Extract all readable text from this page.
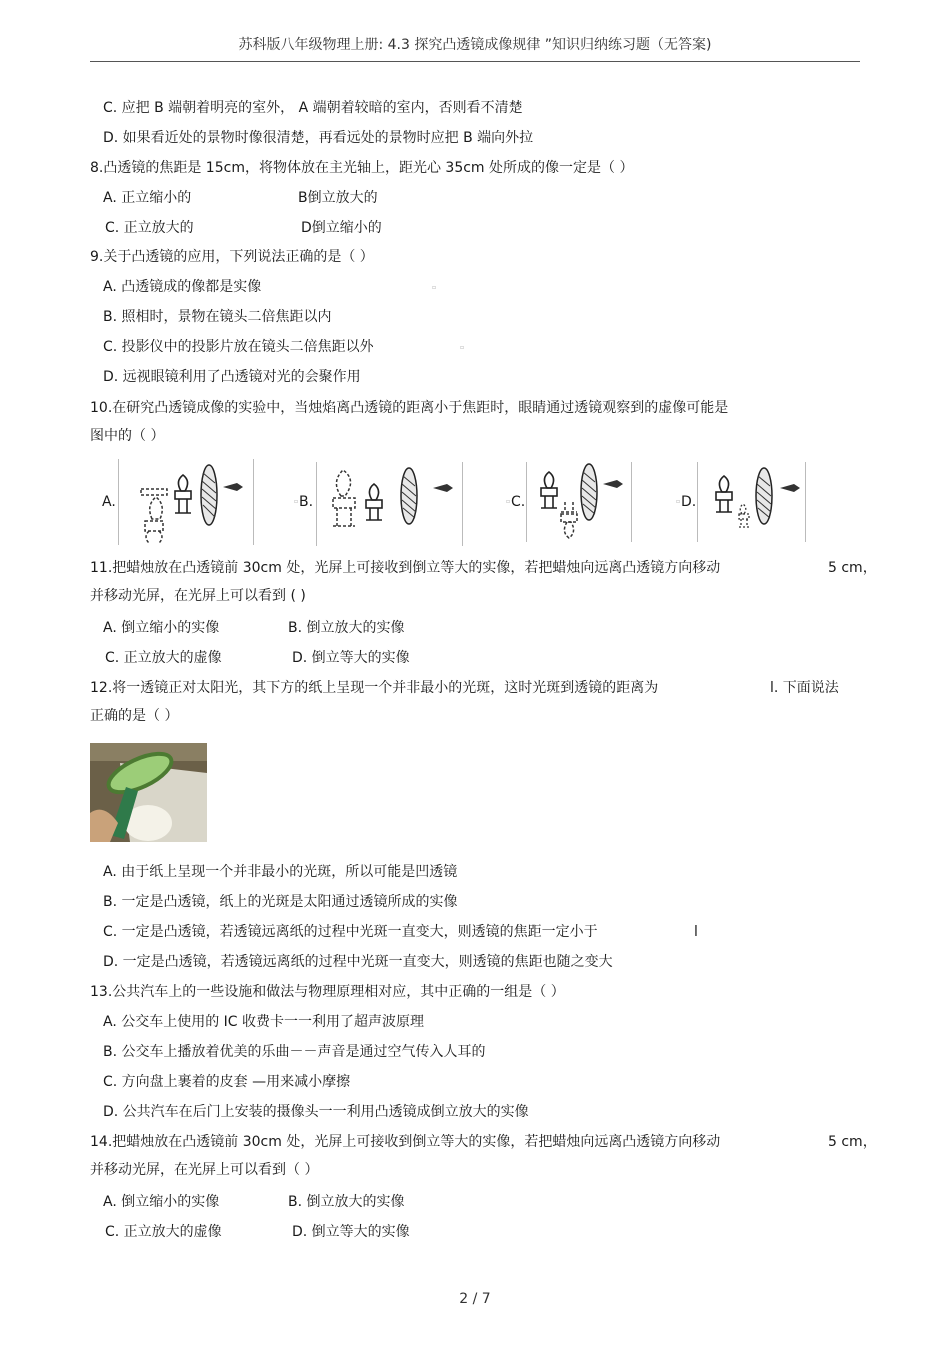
苏科版八年级物理上册: 4.3 探究凸透镜成像规律 ”知识归纳练习题（无答案)
C. 应把 B 端朝着明亮的室外， A 端朝着较暗的室内，否则看不清楚
D. 如果看近处的景物时像很清楚，再看远处的景物时应把 B 端向外拉
8.凸透镜的焦距是 15cm，将物体放在主光轴上，距光心 35cm 处所成的像一定是（ ）
A. 正立缩小的	B倒立放大的
C. 正立放大的	D倒立缩小的
9.关于凸透镜的应用，下列说法正确的是（ ）
A. 凸透镜成的像都是实像	▫
B. 照相时，景物在镜头二倍焦距以内
C. 投影仪中的投影片放在镜头二倍焦距以外	▫
D. 远视眼镜利用了凸透镜对光的会聚作用
10.在研究凸透镜成像的实验中，当烛焰离凸透镜的距离小于焦距时，眼睛通过透镜观察到的虚像可能是
图中的（ ）
A.	▫ B.	▫ C.	▫ D.
11.把蜡烛放在凸透镜前 30cm 处，光屏上可接收到倒立等大的实像，若把蜡烛向远离凸透镜方向移动	5 cm，
并移动光屏，在光屏上可以看到 ( )
A. 倒立缩小的实像	B. 倒立放大的实像
C. 正立放大的虚像	D. 倒立等大的实像
12.将一透镜正对太阳光，其下方的纸上呈现一个并非最小的光斑，这时光斑到透镜的距离为	l. 下面说法
正确的是（ ）
A. 由于纸上呈现一个并非最小的光斑，所以可能是凹透镜
B. 一定是凸透镜，纸上的光斑是太阳通过透镜所成的实像
C. 一定是凸透镜，若透镜远离纸的过程中光斑一直变大，则透镜的焦距一定小于	l
D. 一定是凸透镜，若透镜远离纸的过程中光斑一直变大，则透镜的焦距也随之变大
13.公共汽车上的一些设施和做法与物理原理相对应，其中正确的一组是（ ）
A. 公交车上使用的 IC 收费卡一一利用了超声波原理
B. 公交车上播放着优美的乐曲－－声音是通过空气传入人耳的
C. 方向盘上裹着的皮套 —用来减小摩擦
D. 公共汽车在后门上安装的摄像头一一利用凸透镜成倒立放大的实像
14.把蜡烛放在凸透镜前 30cm 处，光屏上可接收到倒立等大的实像，若把蜡烛向远离凸透镜方向移动	5 cm，
并移动光屏，在光屏上可以看到（ ）
A. 倒立缩小的实像	B. 倒立放大的实像
C. 正立放大的虚像	D. 倒立等大的实像
2 / 7
